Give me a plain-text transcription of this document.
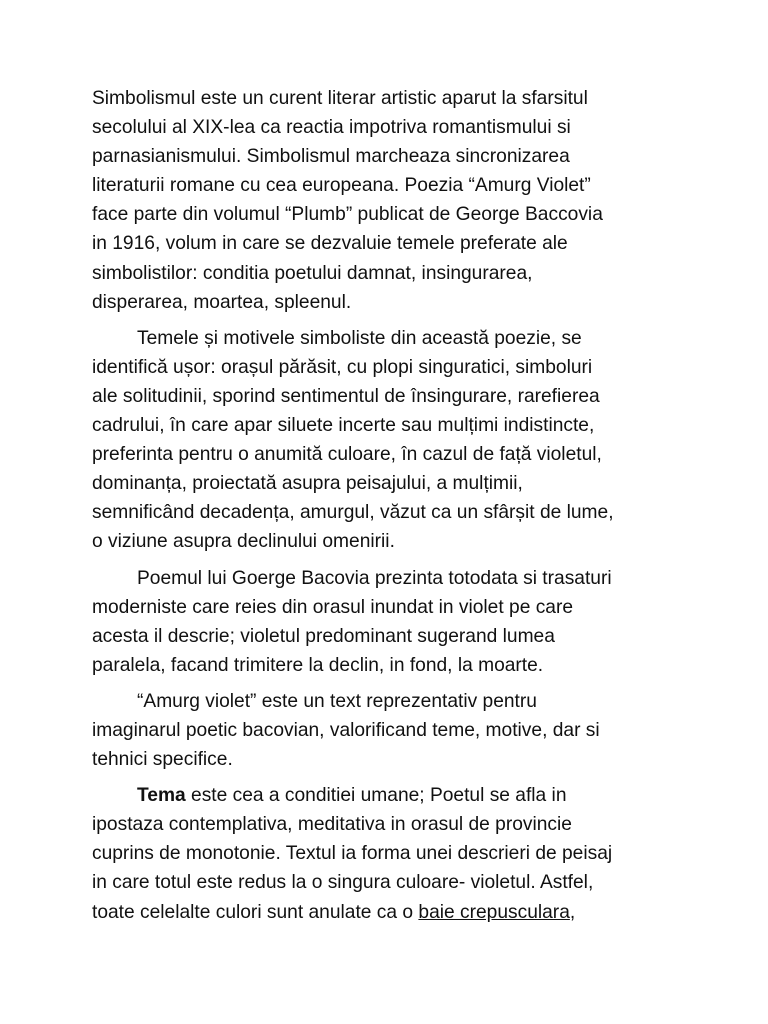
Simbolismul este un curent literar artistic aparut la sfarsitul
secolului al XIX-lea ca reactia impotriva romantismului si
parnasianismului. Simbolismul marcheaza sincronizarea
literaturii romane cu cea europeana. Poezia “Amurg Violet”
face parte din volumul “Plumb” publicat de George Baccovia
in 1916, volum in care se dezvaluie temele preferate ale
simbolistilor: conditia poetului damnat, insingurarea,
disperarea, moartea, spleenul.

Temele și motivele simboliste din această poezie, se
identifică ușor: orașul părăsit, cu plopi singuratici, simboluri
ale solitudinii, sporind sentimentul de însingurare, rarefierea
cadrului, în care apar siluete incerte sau mulțimi indistincte,
preferinta pentru o anumită culoare, în cazul de față violetul,
dominanța, proiectată asupra peisajului, a mulțimii,
semnificând decadența, amurgul, văzut ca un sfârșit de lume,
o viziune asupra declinului omenirii.

Poemul lui Goerge Bacovia prezinta totodata si trasaturi
moderniste care reies din orasul inundat in violet pe care
acesta il descrie; violetul predominant sugerand lumea
paralela, facand trimitere la declin, in fond, la moarte.

“Amurg violet” este un text reprezentativ pentru
imaginarul poetic bacovian, valorificand teme, motive, dar si
tehnici specifice.

Tema este cea a conditiei umane; Poetul se afla in
ipostaza contemplativa, meditativa in orasul de provincie
cuprins de monotonie. Textul ia forma unei descrieri de peisaj
in care totul este redus la o singura culoare- violetul. Astfel,
toate celelalte culori sunt anulate ca o baie crepusculara,
